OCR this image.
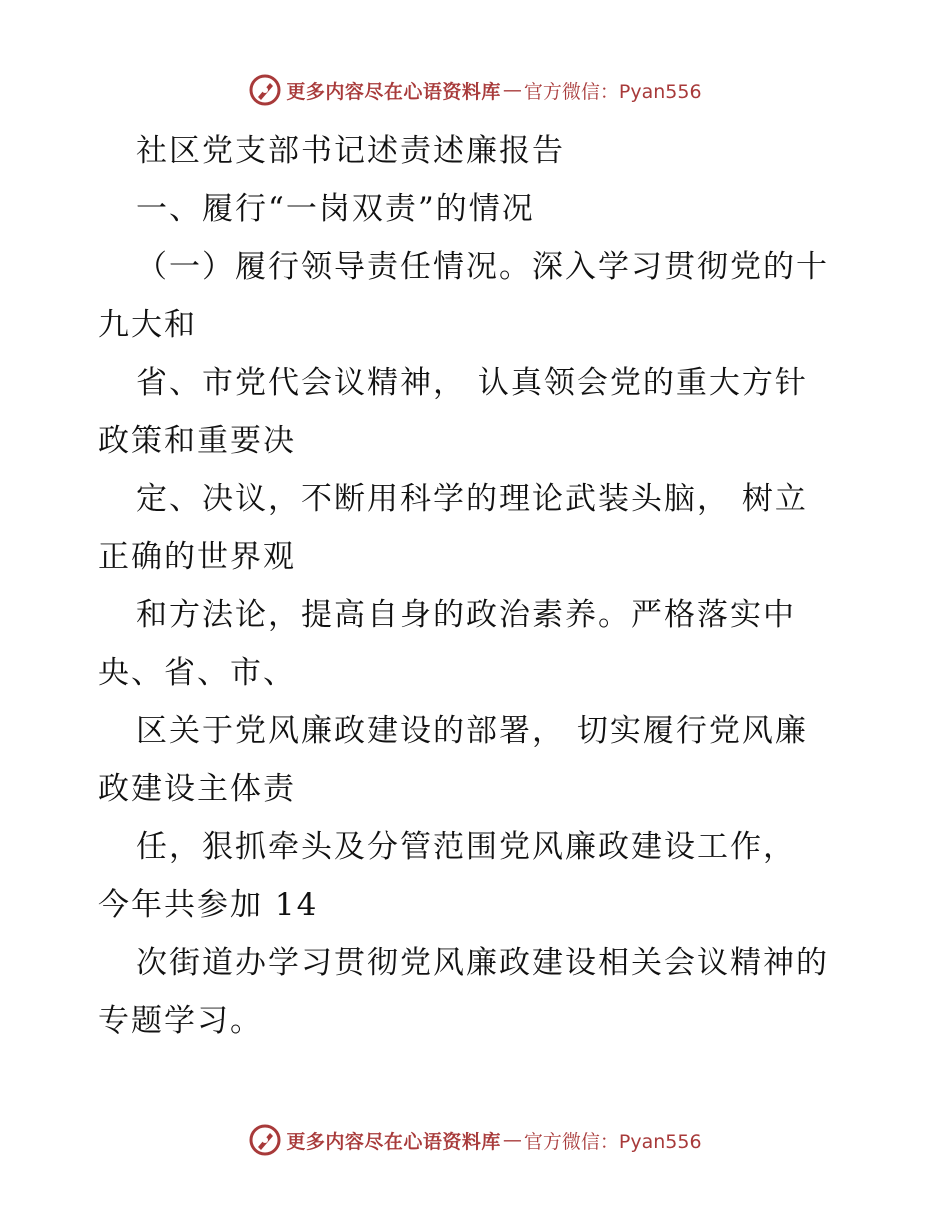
更多内容尽在心语资料库 — 官方微信：Pyan556
社区党支部书记述责述廉报告
一、履行“一岗双责”的情况
（一）履行领导责任情况。深入学习贯彻党的十
九大和
省、市党代会议精神， 认真领会党的重大方针
政策和重要决
定、决议，不断用科学的理论武装头脑， 树立
正确的世界观
和方法论，提高自身的政治素养。严格落实中
央、省、市、
区关于党风廉政建设的部署， 切实履行党风廉
政建设主体责
任，狠抓牵头及分管范围党风廉政建设工作，
今年共参加 14
次街道办学习贯彻党风廉政建设相关会议精神的
专题学习。
更多内容尽在心语资料库 — 官方微信：Pyan556
